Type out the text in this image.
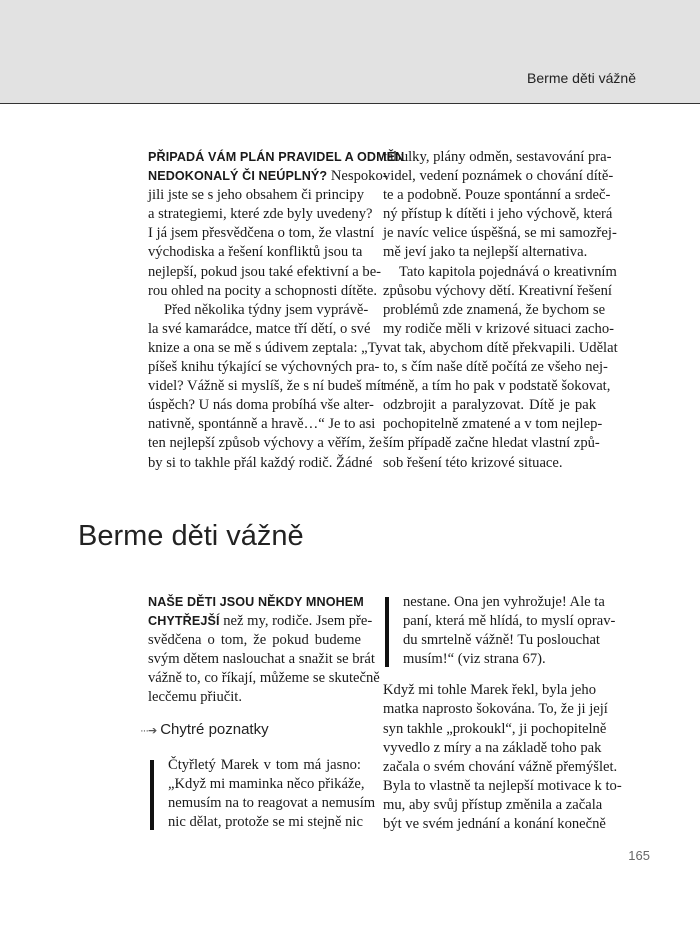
Berme děti vážně
PŘIPADÁ VÁM PLÁN PRAVIDEL A ODMĚN
NEDOKONALÝ ČI NEÚPLNÝ? Nespoko-
jili jste se s jeho obsahem či principy
a strategiemi, které zde byly uvedeny?
I já jsem přesvědčena o tom, že vlastní
východiska a řešení konfliktů jsou ta
nejlepší, pokud jsou také efektivní a be-
rou ohled na pocity a schopnosti dítěte.
Před několika týdny jsem vyprávě-
la své kamarádce, matce tří dětí, o své
knize a ona se mě s údivem zeptala: „Ty
píšeš knihu týkající se výchovných pra-
videl? Vážně si myslíš, že s ní budeš mít
úspěch? U nás doma probíhá vše alter-
nativně, spontánně a hravě…“ Je to asi
ten nejlepší způsob výchovy a věřím, že
by si to takhle přál každý rodič. Žádné
tabulky, plány odměn, sestavování pra-
videl, vedení poznámek o chování dítě-
te a podobně. Pouze spontánní a srdeč-
ný přístup k dítěti i jeho výchově, která
je navíc velice úspěšná, se mi samozřej-
mě jeví jako ta nejlepší alternativa.
Tato kapitola pojednává o kreativním
způsobu výchovy dětí. Kreativní řešení
problémů zde znamená, že bychom se
my rodiče měli v krizové situaci zacho-
vat tak, abychom dítě překvapili. Udělat
to, s čím naše dítě počítá ze všeho nej-
méně, a tím ho pak v podstatě šokovat,
odzbrojit a paralyzovat. Dítě je pak
pochopitelně zmatené a v tom nejlep-
ším případě začne hledat vlastní způ-
sob řešení této krizové situace.
Berme děti vážně
NAŠE DĚTI JSOU NĚKDY MNOHEM
CHYTŘEJŠÍ než my, rodiče. Jsem pře-
svědčena o tom, že pokud budeme
svým dětem naslouchat a snažit se brát
vážně to, co říkají, můžeme se skutečně
lecčemu přiučit.
···➔ Chytré poznatky
Čtyřletý Marek v tom má jasno:
„Když mi maminka něco přikáže,
nemusím na to reagovat a nemusím
nic dělat, protože se mi stejně nic
nestane. Ona jen vyhrožuje! Ale ta
paní, která mě hlídá, to myslí oprav-
du smrtelně vážně! Tu poslouchat
musím!“ (viz strana 67).
Když mi tohle Marek řekl, byla jeho
matka naprosto šokována. To, že ji její
syn takhle „prokoukl“, ji pochopitelně
vyvedlo z míry a na základě toho pak
začala o svém chování vážně přemýšlet.
Byla to vlastně ta nejlepší motivace k to-
mu, aby svůj přístup změnila a začala
být ve svém jednání a konání konečně
165
